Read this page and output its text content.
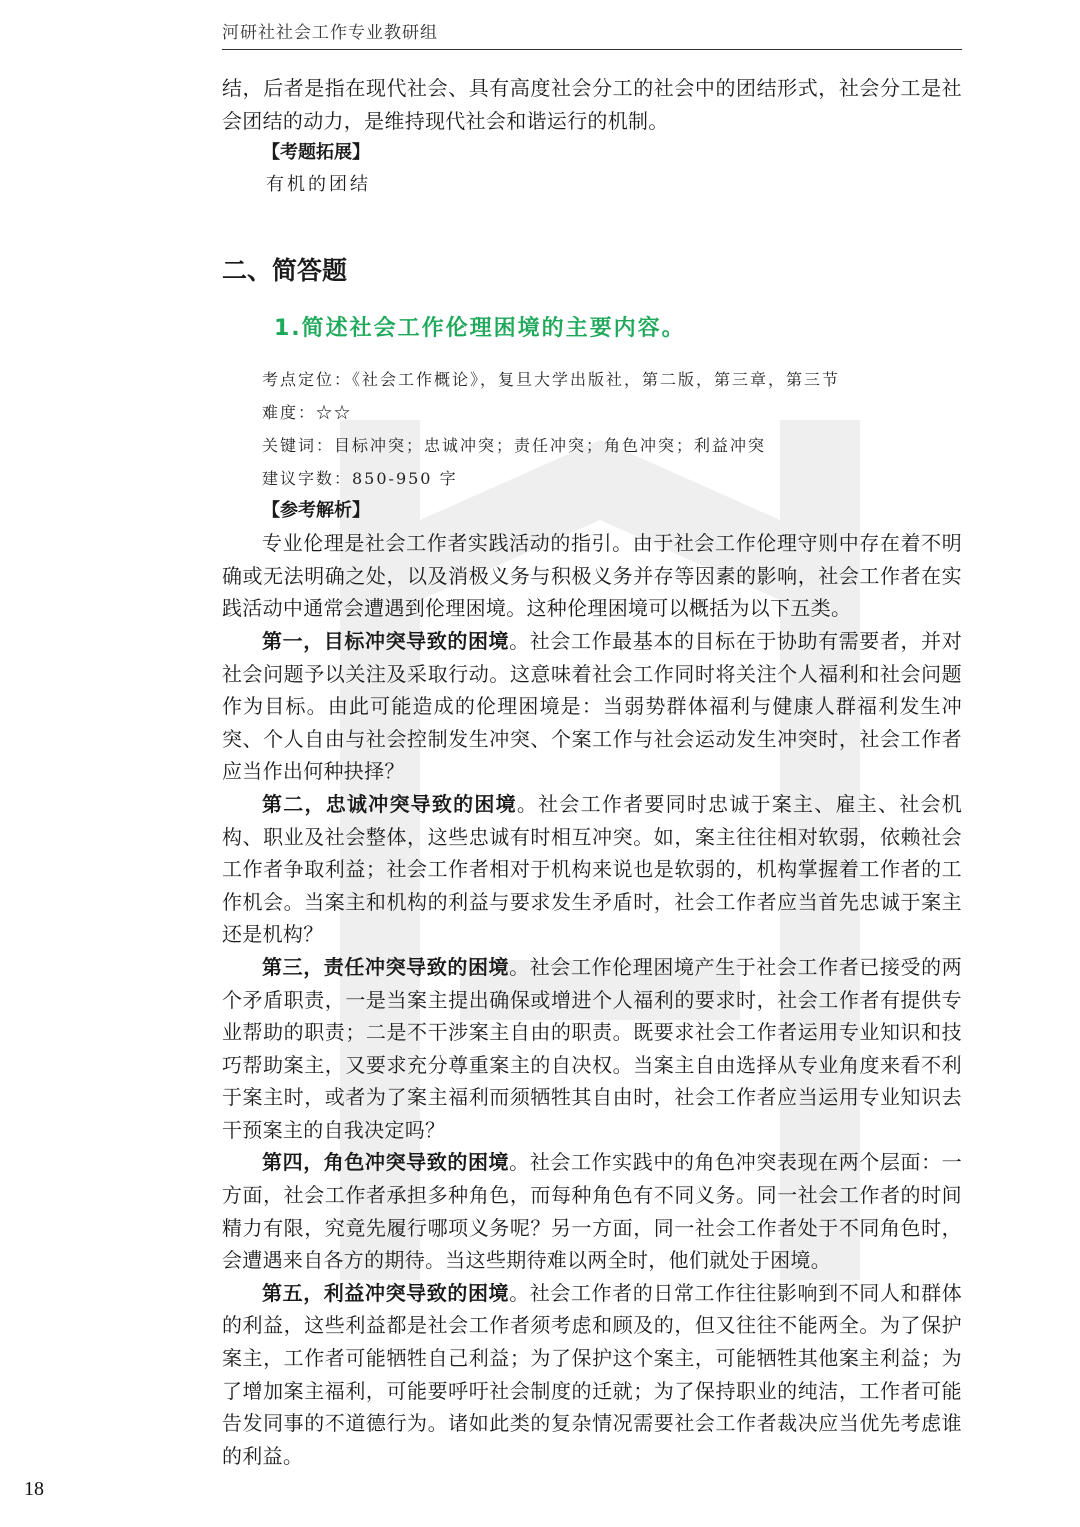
河研社社会工作专业教研组

结，后者是指在现代社会、具有高度社会分工的社会中的团结形式，社会分工是社会团结的动力，是维持现代社会和谐运行的机制。

【考题拓展】

有机的团结

二、简答题

1.简述社会工作伦理困境的主要内容。

考点定位：《社会工作概论》，复旦大学出版社，第二版，第三章，第三节

难度：☆☆

关键词：目标冲突；忠诚冲突；责任冲突；角色冲突；利益冲突

建议字数：850-950 字

【参考解析】

专业伦理是社会工作者实践活动的指引。由于社会工作伦理守则中存在着不明确或无法明确之处，以及消极义务与积极义务并存等因素的影响，社会工作者在实践活动中通常会遭遇到伦理困境。这种伦理困境可以概括为以下五类。

第一，目标冲突导致的困境。社会工作最基本的目标在于协助有需要者，并对社会问题予以关注及采取行动。这意味着社会工作同时将关注个人福利和社会问题作为目标。由此可能造成的伦理困境是：当弱势群体福利与健康人群福利发生冲突、个人自由与社会控制发生冲突、个案工作与社会运动发生冲突时，社会工作者应当作出何种抉择？

第二，忠诚冲突导致的困境。社会工作者要同时忠诚于案主、雇主、社会机构、职业及社会整体，这些忠诚有时相互冲突。如，案主往往相对软弱，依赖社会工作者争取利益；社会工作者相对于机构来说也是软弱的，机构掌握着工作者的工作机会。当案主和机构的利益与要求发生矛盾时，社会工作者应当首先忠诚于案主还是机构？

第三，责任冲突导致的困境。社会工作伦理困境产生于社会工作者已接受的两个矛盾职责，一是当案主提出确保或增进个人福利的要求时，社会工作者有提供专业帮助的职责；二是不干涉案主自由的职责。既要求社会工作者运用专业知识和技巧帮助案主，又要求充分尊重案主的自决权。当案主自由选择从专业角度来看不利于案主时，或者为了案主福利而须牺牲其自由时，社会工作者应当运用专业知识去干预案主的自我决定吗？

第四，角色冲突导致的困境。社会工作实践中的角色冲突表现在两个层面：一方面，社会工作者承担多种角色，而每种角色有不同义务。同一社会工作者的时间精力有限，究竟先履行哪项义务呢？另一方面，同一社会工作者处于不同角色时，会遭遇来自各方的期待。当这些期待难以两全时，他们就处于困境。

第五，利益冲突导致的困境。社会工作者的日常工作往往影响到不同人和群体的利益，这些利益都是社会工作者须考虑和顾及的，但又往往不能两全。为了保护案主，工作者可能牺牲自己利益；为了保护这个案主，可能牺牲其他案主利益；为了增加案主福利，可能要呼吁社会制度的迁就；为了保持职业的纯洁，工作者可能告发同事的不道德行为。诸如此类的复杂情况需要社会工作者裁决应当优先考虑谁的利益。

18
